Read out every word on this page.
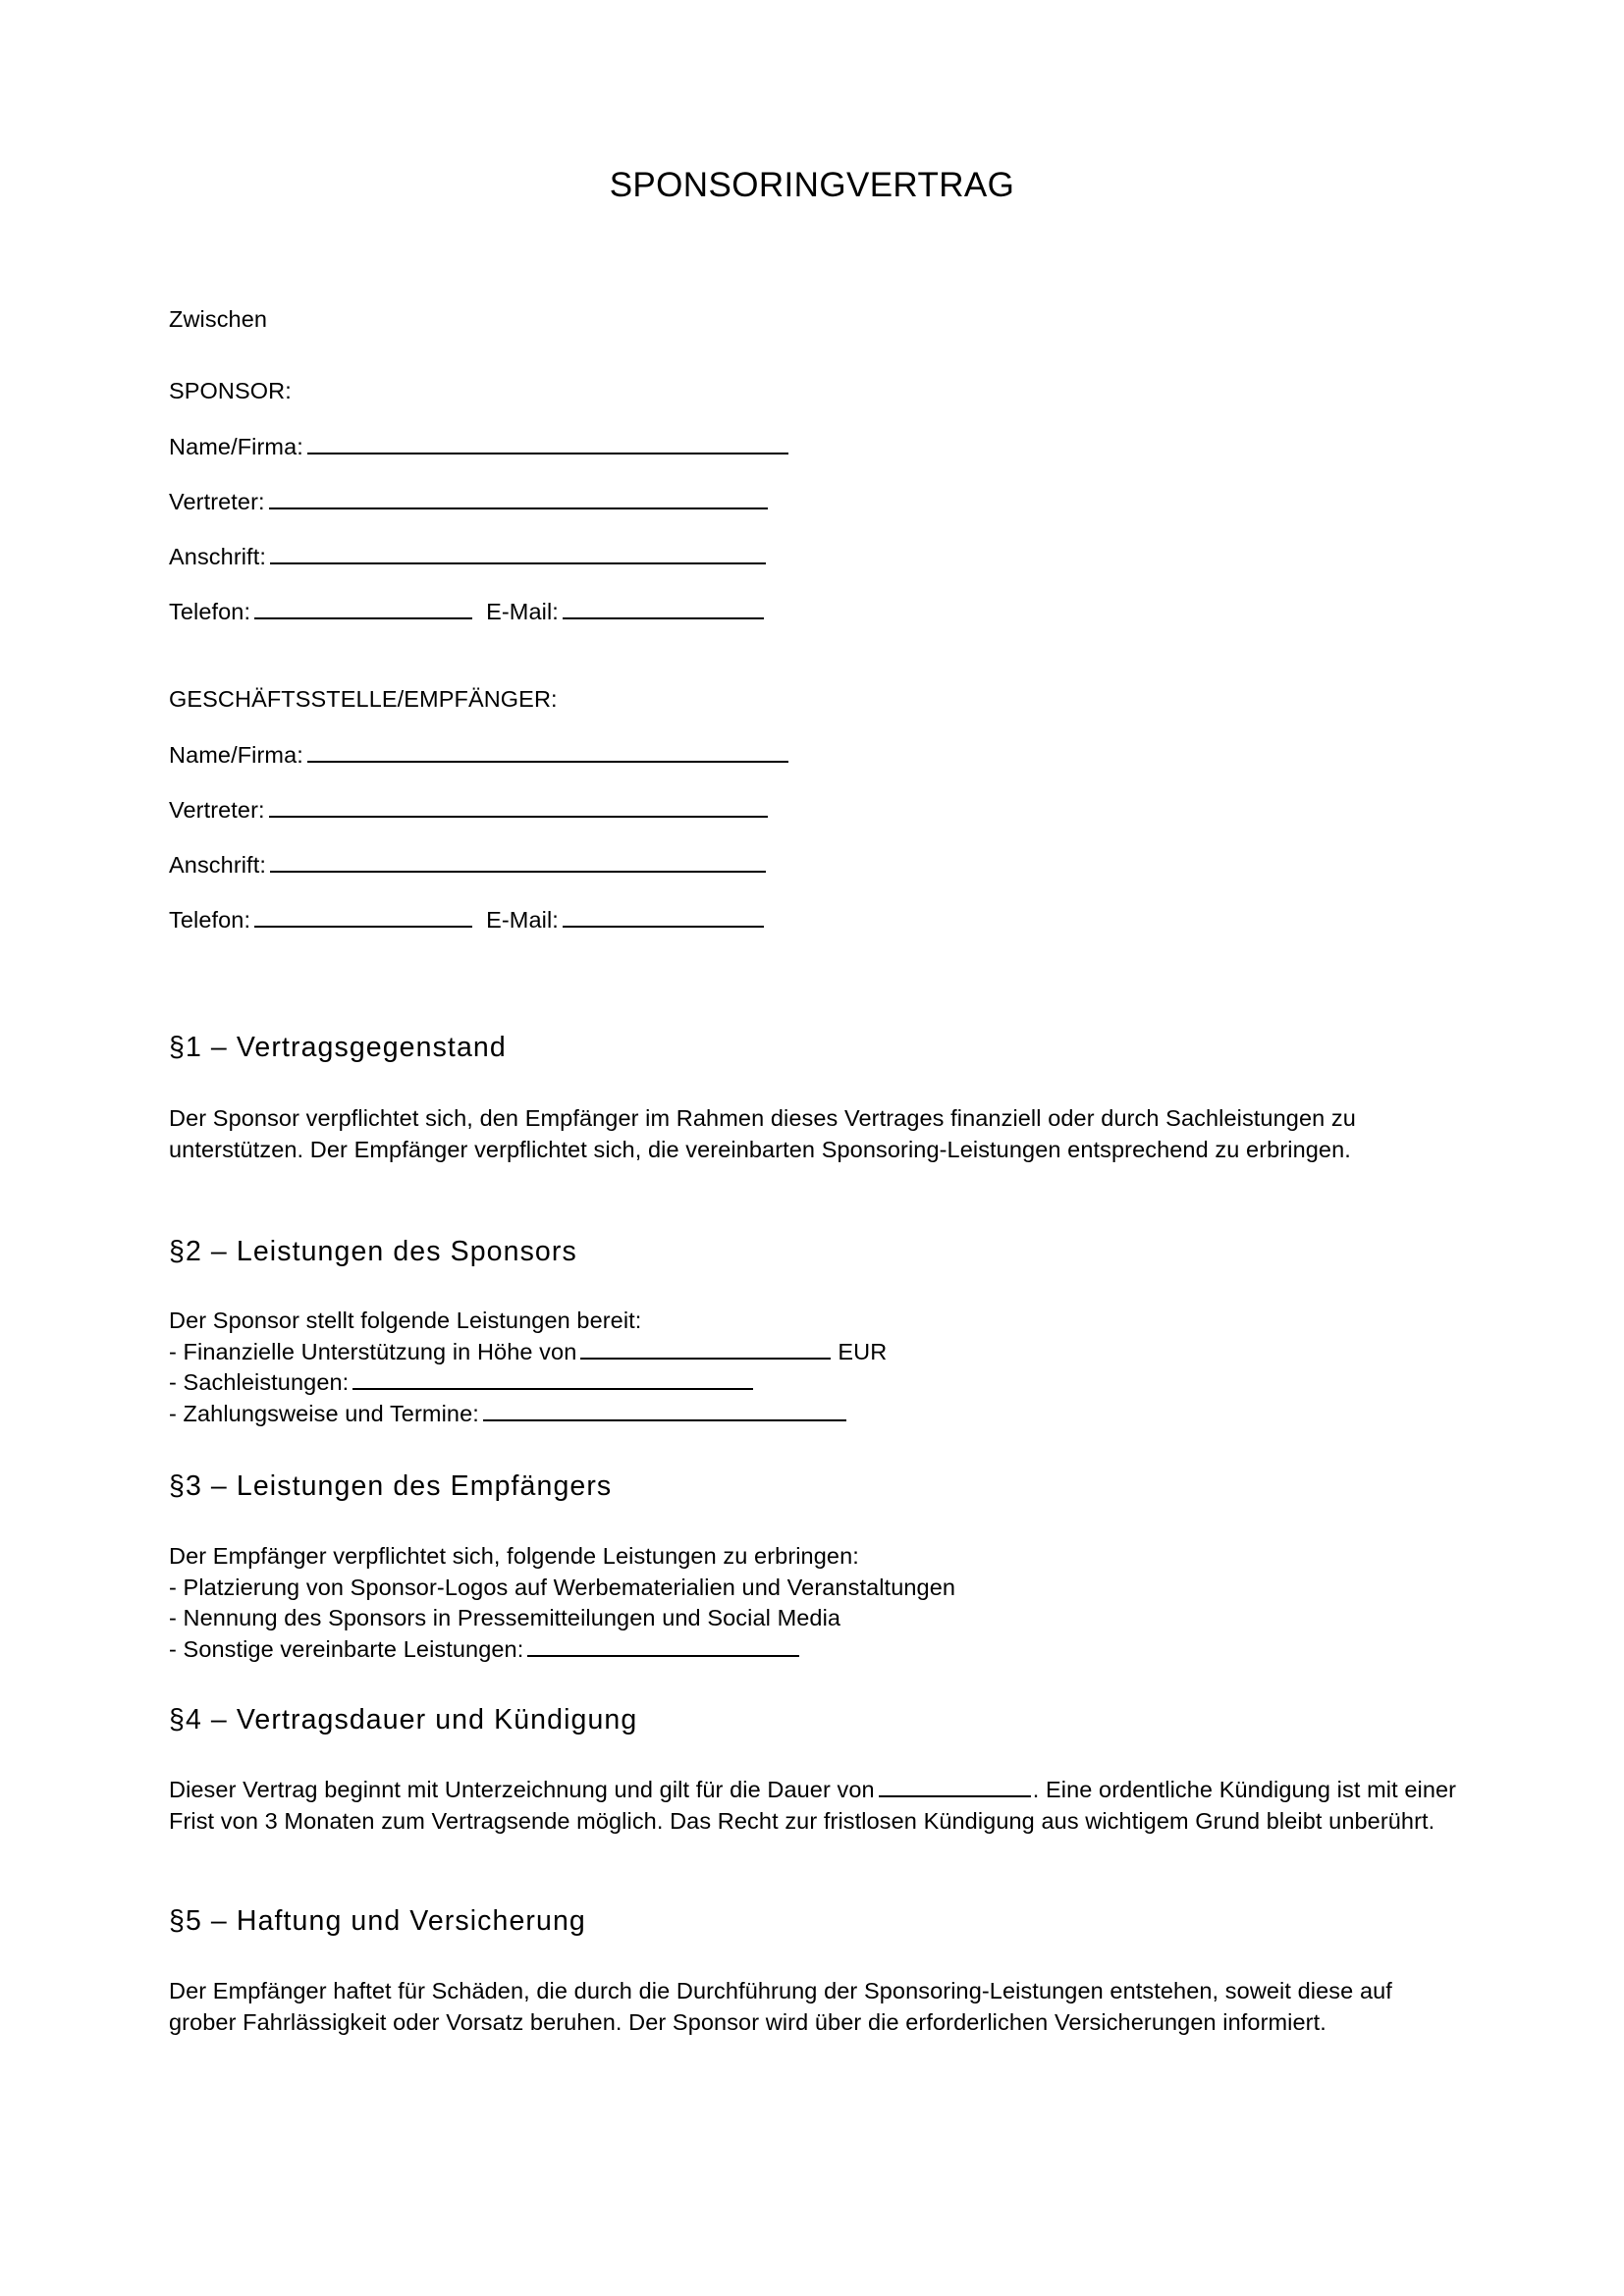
SPONSORINGVERTRAG
Zwischen
SPONSOR:
Name/Firma:
Vertreter:
Anschrift:
Telefon:	E-Mail:
GESCHÄFTSSTELLE/EMPFÄNGER:
Name/Firma:
Vertreter:
Anschrift:
Telefon:	E-Mail:
§1 – Vertragsgegenstand

Der Sponsor verpflichtet sich, den Empfänger im Rahmen dieses Vertrages finanziell oder durch Sachleistungen zu unterstützen. Der Empfänger verpflichtet sich, die vereinbarten Sponsoring-Leistungen entsprechend zu erbringen.

§2 – Leistungen des Sponsors
Der Sponsor stellt folgende Leistungen bereit:
- Finanzielle Unterstützung in Höhe von	EUR
- Sachleistungen:
- Zahlungsweise und Termine:
§3 – Leistungen des Empfängers
Der Empfänger verpflichtet sich, folgende Leistungen zu erbringen:
- Platzierung von Sponsor-Logos auf Werbematerialien und Veranstaltungen
- Nennung des Sponsors in Pressemitteilungen und Social Media
- Sonstige vereinbarte Leistungen:
§4 – Vertragsdauer und Kündigung

Dieser Vertrag beginnt mit Unterzeichnung und gilt für die Dauer von	. Eine ordentliche Kündigung ist mit einer Frist von 3 Monaten zum Vertragsende möglich. Das Recht zur fristlosen Kündigung aus wichtigem Grund bleibt unberührt.

§5 – Haftung und Versicherung

Der Empfänger haftet für Schäden, die durch die Durchführung der Sponsoring-Leistungen entstehen, soweit diese auf grober Fahrlässigkeit oder Vorsatz beruhen. Der Sponsor wird über die erforderlichen Versicherungen informiert.
